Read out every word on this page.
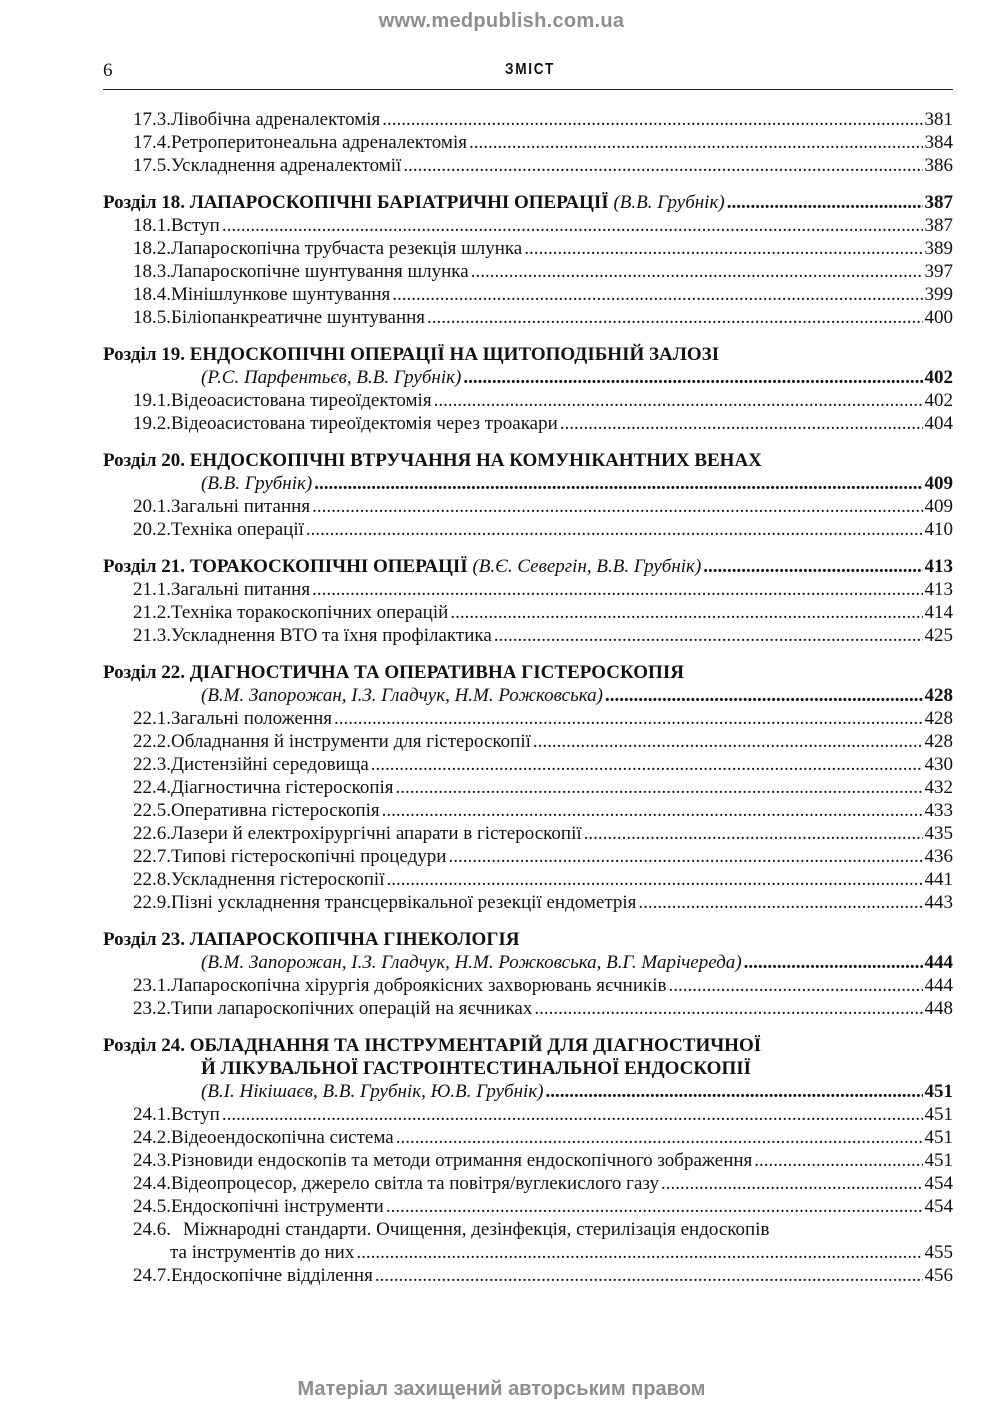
www.medpublish.com.ua
6	ЗМІСТ
17.3. Лівобічна адреналектомія .....	381
17.4. Ретроперитонеальна адреналектомія .....	384
17.5. Ускладнення адреналектомії .....	386
Розділ 18.
ЛАПАРОСКОПІЧНІ БАРІАТРИЧНІ ОПЕРАЦІЇ
(В.В. Грубнік) .....	387
18.1. Вступ .....	387
18.2. Лапароскопічна трубчаста резекція шлунка .....	389
18.3. Лапароскопічне шунтування шлунка .....	397
18.4. Мінішлункове шунтування .....	399
18.5. Біліопанкреатичне шунтування .....	400
Розділ 19.
ЕНДОСКОПІЧНІ ОПЕРАЦІЇ НА ЩИТОПОДІБНІЙ ЗАЛОЗІ
(Р.С. Парфентьєв, В.В. Грубнік) .....	402
19.1. Відеоасистована тиреоїдектомія .....	402
19.2. Відеоасистована тиреоїдектомія через троакари .....	404
Розділ 20.
ЕНДОСКОПІЧНІ ВТРУЧАННЯ НА КОМУНІКАНТНИХ ВЕНАХ
(В.В. Грубнік) .....	409
20.1. Загальні питання .....	409
20.2. Техніка операції .....	410
Розділ 21.
ТОРАКОСКОПІЧНІ ОПЕРАЦІЇ
(В.Є. Севергін, В.В. Грубнік) .....	413
21.1. Загальні питання .....	413
21.2. Техніка торакоскопічних операцій .....	414
21.3. Ускладнення ВТО та їхня профілактика .....	425
Розділ 22.
ДІАГНОСТИЧНА ТА ОПЕРАТИВНА ГІСТЕРОСКОПІЯ
(В.М. Запорожан, І.З. Гладчук, Н.М. Рожковська) .....	428
22.1. Загальні положення .....	428
22.2. Обладнання й інструменти для гістероскопії .....	428
22.3. Дистензійні середовища .....	430
22.4. Діагностична гістероскопія .....	432
22.5. Оперативна гістероскопія .....	433
22.6. Лазери й електрохірургічні апарати в гістероскопії .....	435
22.7. Типові гістероскопічні процедури .....	436
22.8. Ускладнення гістероскопії .....	441
22.9. Пізні ускладнення трансцервікальної резекції ендометрія .....	443
Розділ 23.
ЛАПАРОСКОПІЧНА ГІНЕКОЛОГІЯ
(В.М. Запорожан, І.З. Гладчук, Н.М. Рожковська, В.Г. Марічереда) .....	444
23.1. Лапароскопічна хірургія доброякісних захворювань яєчників .....	444
23.2. Типи лапароскопічних операцій на яєчниках .....	448
Розділ 24.
ОБЛАДНАННЯ ТА ІНСТРУМЕНТАРІЙ ДЛЯ ДІАГНОСТИЧНОЇ
Й ЛІКУВАЛЬНОЇ ГАСТРОІНТЕСТИНАЛЬНОЇ ЕНДОСКОПІЇ
(В.І. Нікішаєв, В.В. Грубнік, Ю.В. Грубнік) .....	451
24.1. Вступ .....	451
24.2. Відеоендоскопічна система .....	451
24.3. Різновиди ендоскопів та методи отримання ендоскопічного зображення .....	451
24.4. Відеопроцесор, джерело світла та повітря/вуглекислого газу .....	454
24.5. Ендоскопічні інструменти .....	454
24.6. Міжнародні стандарти. Очищення, дезінфекція, стерилізація ендоскопів
та інструментів до них .....	455
24.7. Ендоскопічне відділення .....	456
Матеріал захищений авторським правом
